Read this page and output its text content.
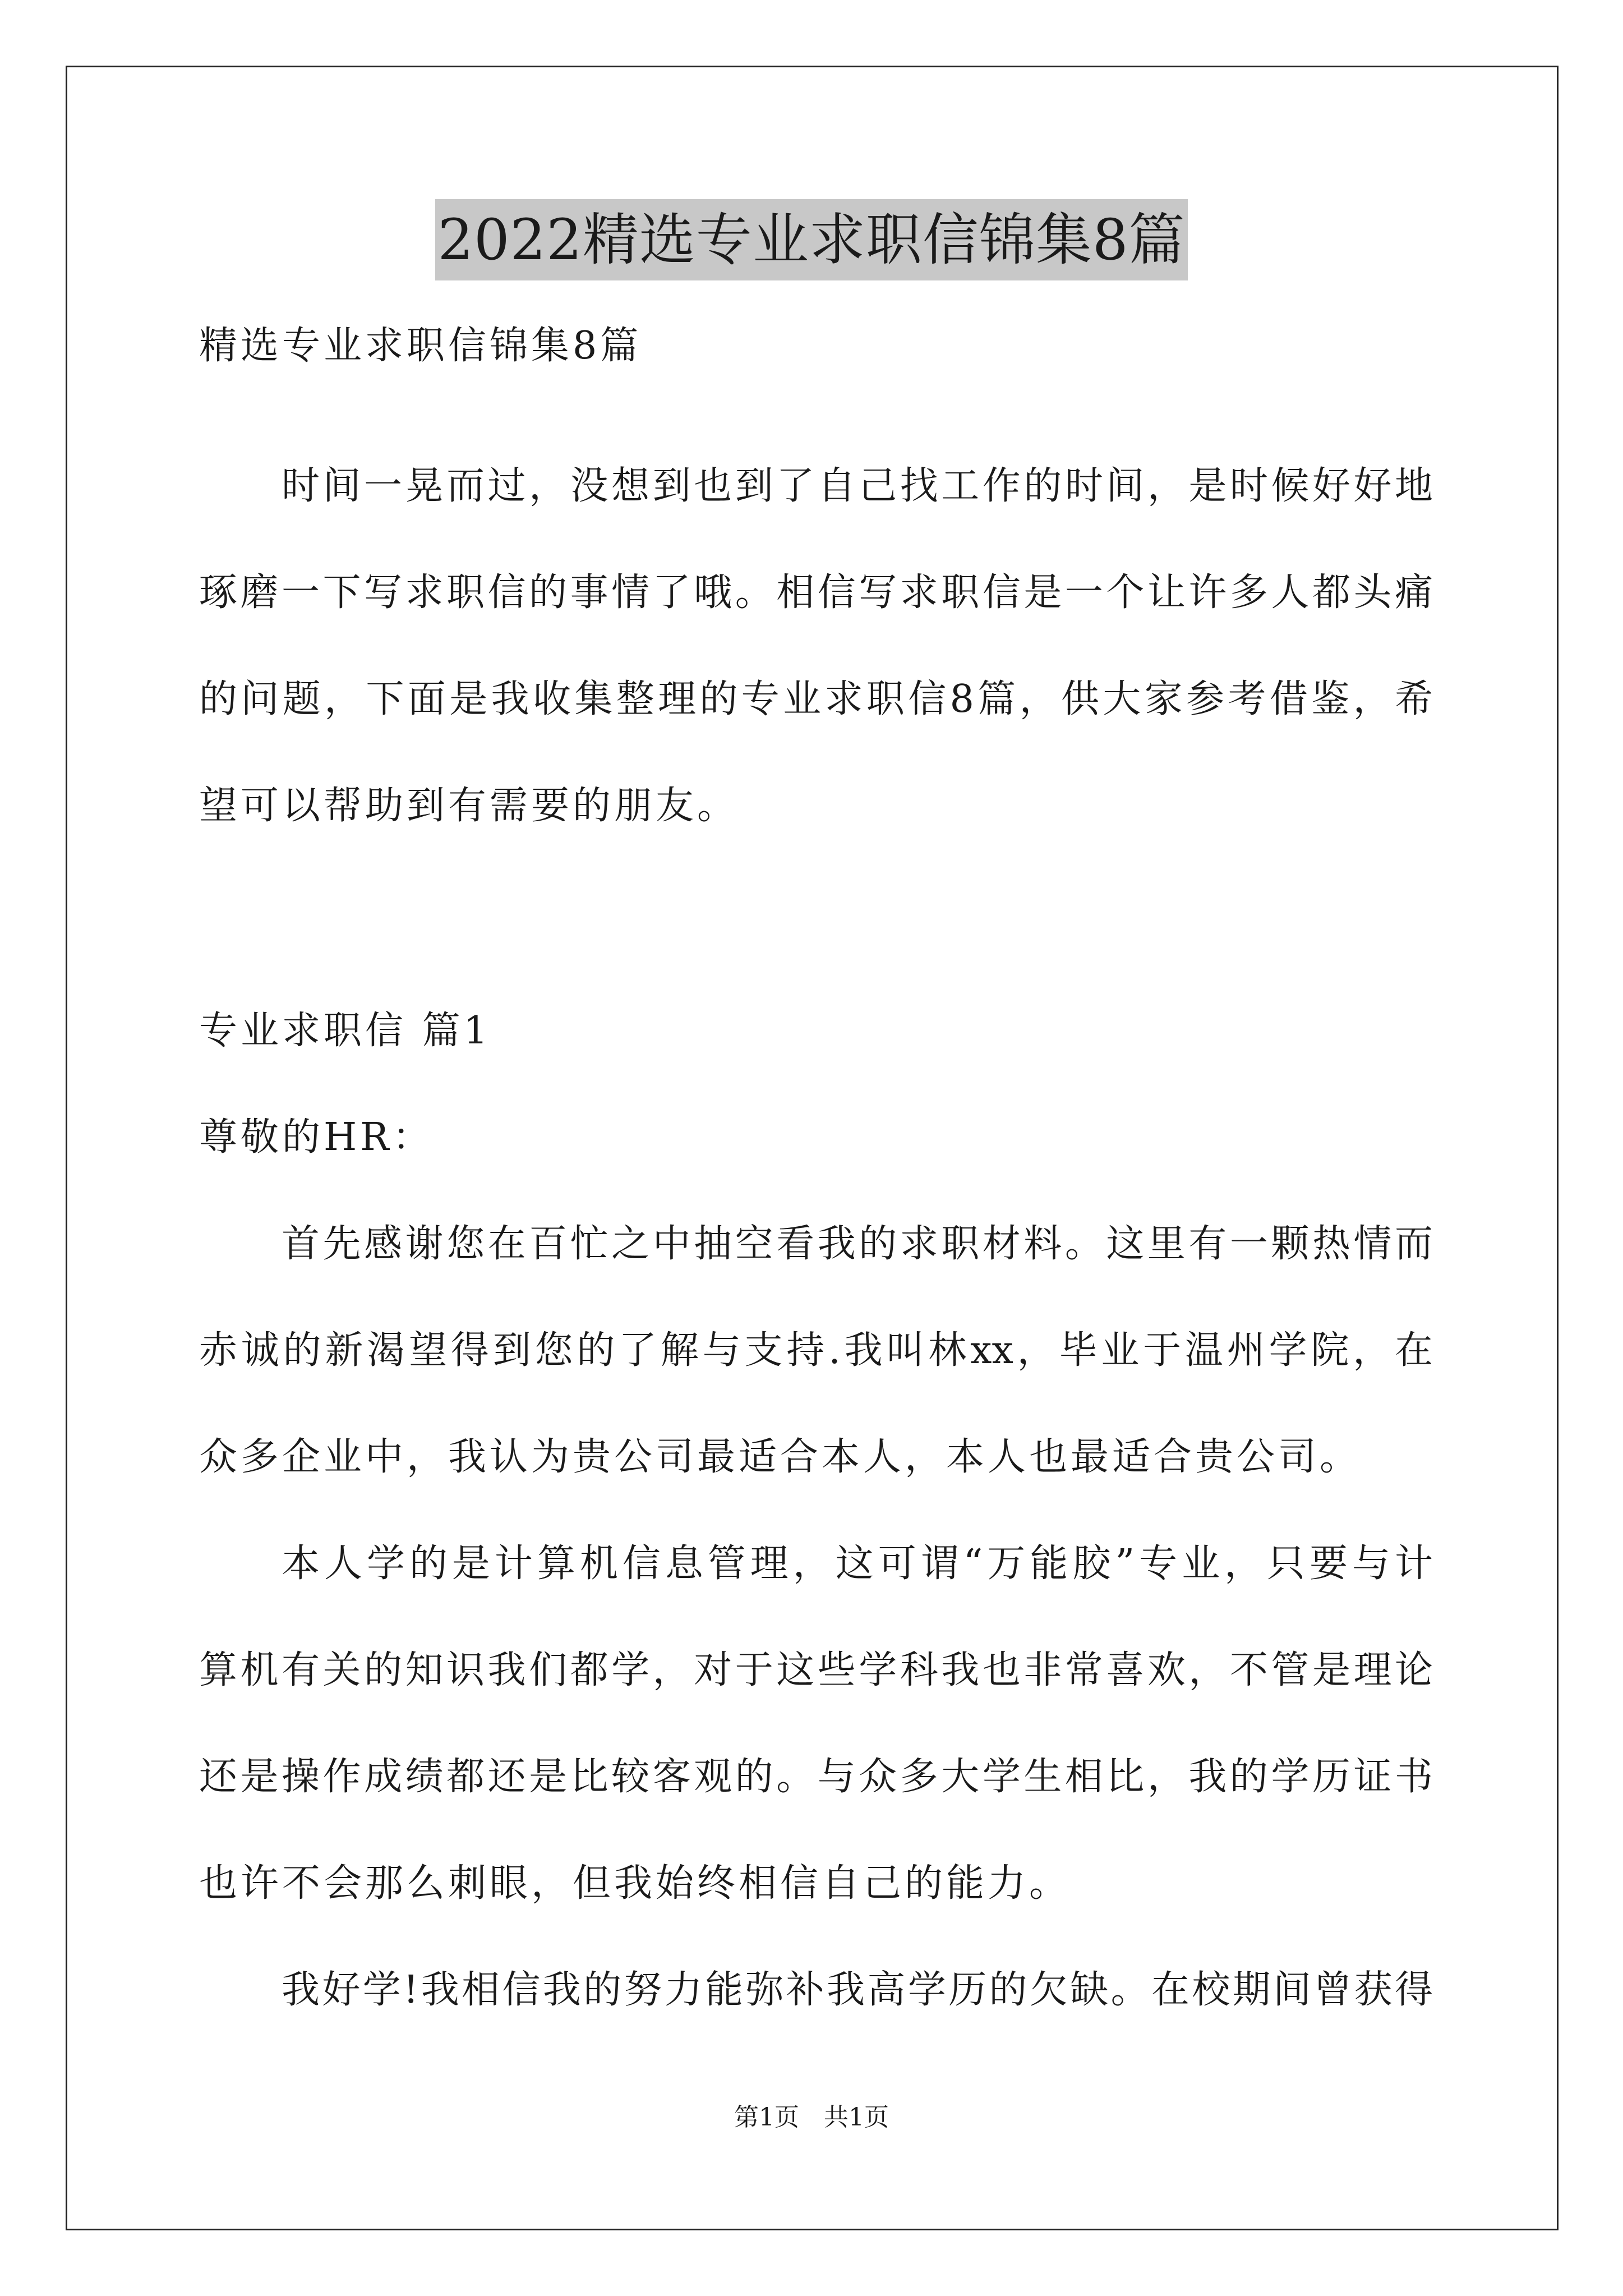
2022精选专业求职信锦集8篇
精选专业求职信锦集8篇
时间一晃而过，没想到也到了自己找工作的时间，是时候好好地
琢磨一下写求职信的事情了哦。相信写求职信是一个让许多人都头痛
的问题，下面是我收集整理的专业求职信8篇，供大家参考借鉴，希
望可以帮助到有需要的朋友。
专业求职信 篇1
尊敬的HR：
首先感谢您在百忙之中抽空看我的求职材料。这里有一颗热情而
赤诚的新渴望得到您的了解与支持.我叫林xx，毕业于温州学院，在
众多企业中，我认为贵公司最适合本人，本人也最适合贵公司。
本人学的是计算机信息管理，这可谓“万能胶”专业，只要与计
算机有关的知识我们都学，对于这些学科我也非常喜欢，不管是理论
还是操作成绩都还是比较客观的。与众多大学生相比，我的学历证书
也许不会那么刺眼，但我始终相信自己的能力。
我好学!我相信我的努力能弥补我高学历的欠缺。在校期间曾获得
第1页　共1页
